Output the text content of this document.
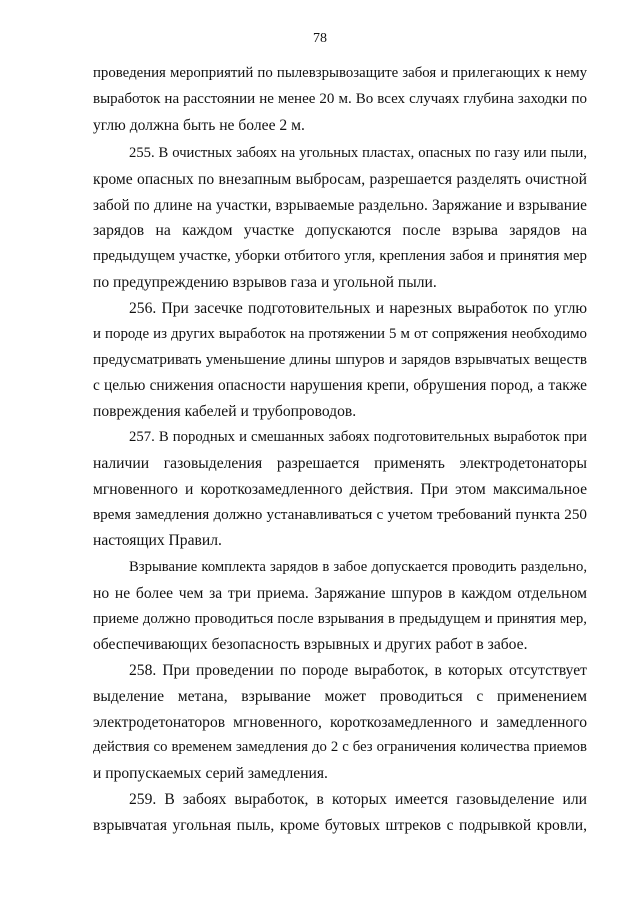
78
проведения мероприятий по пылевзрывозащите забоя и прилегающих к нему
выработок на расстоянии не менее 20 м. Во всех случаях глубина заходки по
углю должна быть не более 2 м.
255. В очистных забоях на угольных пластах, опасных по газу или пыли,
кроме опасных по внезапным выбросам, разрешается разделять очистной
забой по длине на участки, взрываемые раздельно. Заряжание и взрывание
зарядов на каждом участке допускаются после взрыва зарядов на
предыдущем участке, уборки отбитого угля, крепления забоя и принятия мер
по предупреждению взрывов газа и угольной пыли.
256. При засечке подготовительных и нарезных выработок по углю
и породе из других выработок на протяжении 5 м от сопряжения необходимо
предусматривать уменьшение длины шпуров и зарядов взрывчатых веществ
с целью снижения опасности нарушения крепи, обрушения пород, а также
повреждения кабелей и трубопроводов.
257. В породных и смешанных забоях подготовительных выработок при
наличии газовыделения разрешается применять электродетонаторы
мгновенного и короткозамедленного действия. При этом максимальное
время замедления должно устанавливаться с учетом требований пункта 250
настоящих Правил.
Взрывание комплекта зарядов в забое допускается проводить раздельно,
но не более чем за три приема. Заряжание шпуров в каждом отдельном
приеме должно проводиться после взрывания в предыдущем и принятия мер,
обеспечивающих безопасность взрывных и других работ в забое.
258. При проведении по породе выработок, в которых отсутствует
выделение метана, взрывание может проводиться с применением
электродетонаторов мгновенного, короткозамедленного и замедленного
действия со временем замедления до 2 с без ограничения количества приемов
и пропускаемых серий замедления.
259. В забоях выработок, в которых имеется газовыделение или
взрывчатая угольная пыль, кроме бутовых штреков с подрывкой кровли,
